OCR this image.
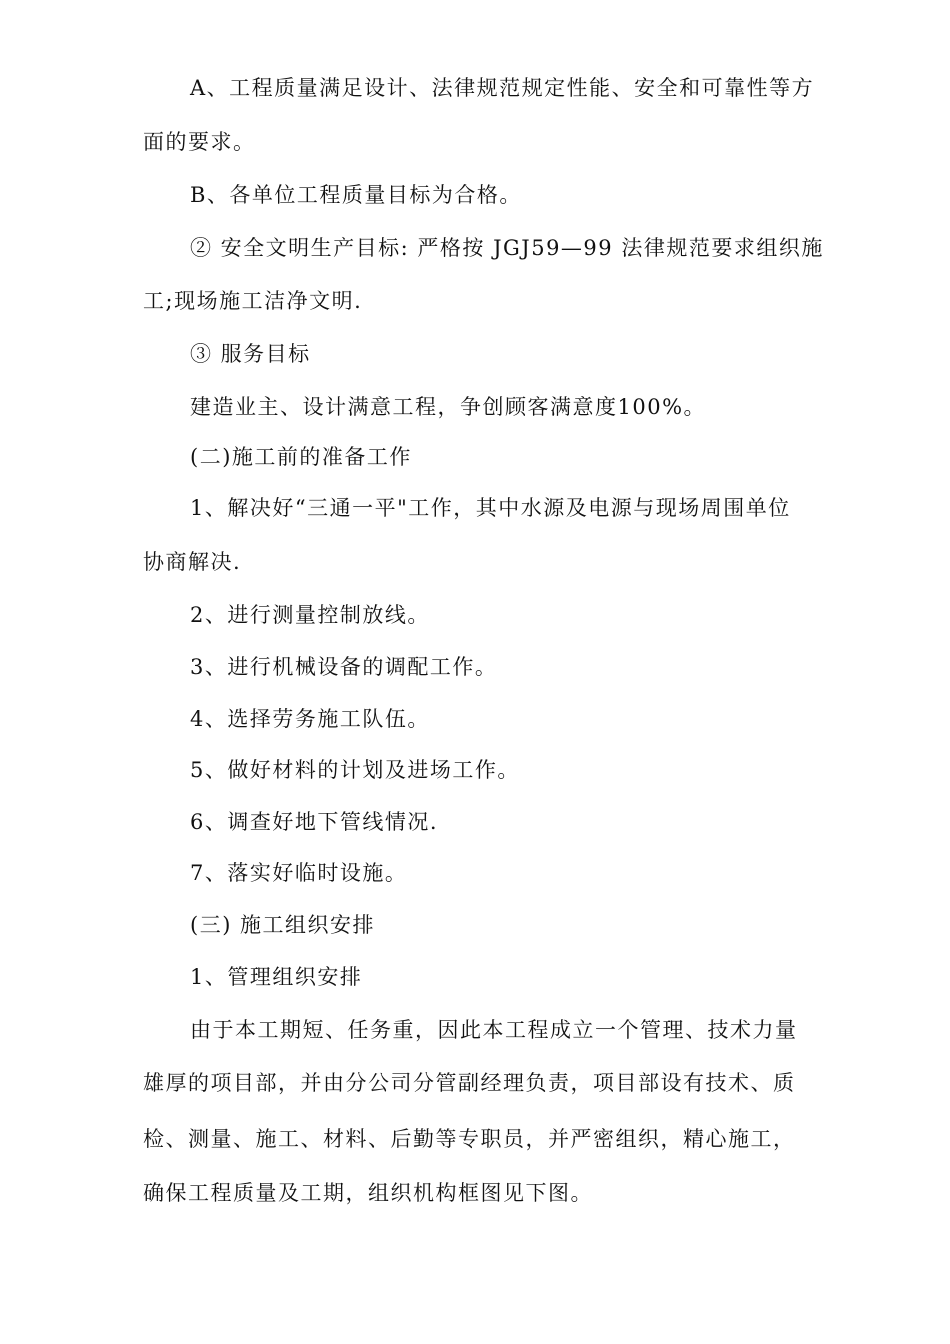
A、工程质量满足设计、法律规范规定性能、安全和可靠性等方
面的要求。
B、各单位工程质量目标为合格。
② 安全文明生产目标: 严格按 JGJ59—99 法律规范要求组织施
工;现场施工洁净文明.
③ 服务目标
建造业主、设计满意工程，争创顾客满意度100%。
(二)施工前的准备工作
1、解决好“三通一平"工作，其中水源及电源与现场周围单位
协商解决.
2、进行测量控制放线。
3、进行机械设备的调配工作。
4、选择劳务施工队伍。
5、做好材料的计划及进场工作。
6、调查好地下管线情况.
7、落实好临时设施。
(三) 施工组织安排
1、管理组织安排
由于本工期短、任务重，因此本工程成立一个管理、技术力量
雄厚的项目部，并由分公司分管副经理负责，项目部设有技术、质
检、测量、施工、材料、后勤等专职员，并严密组织，精心施工，
确保工程质量及工期，组织机构框图见下图。
